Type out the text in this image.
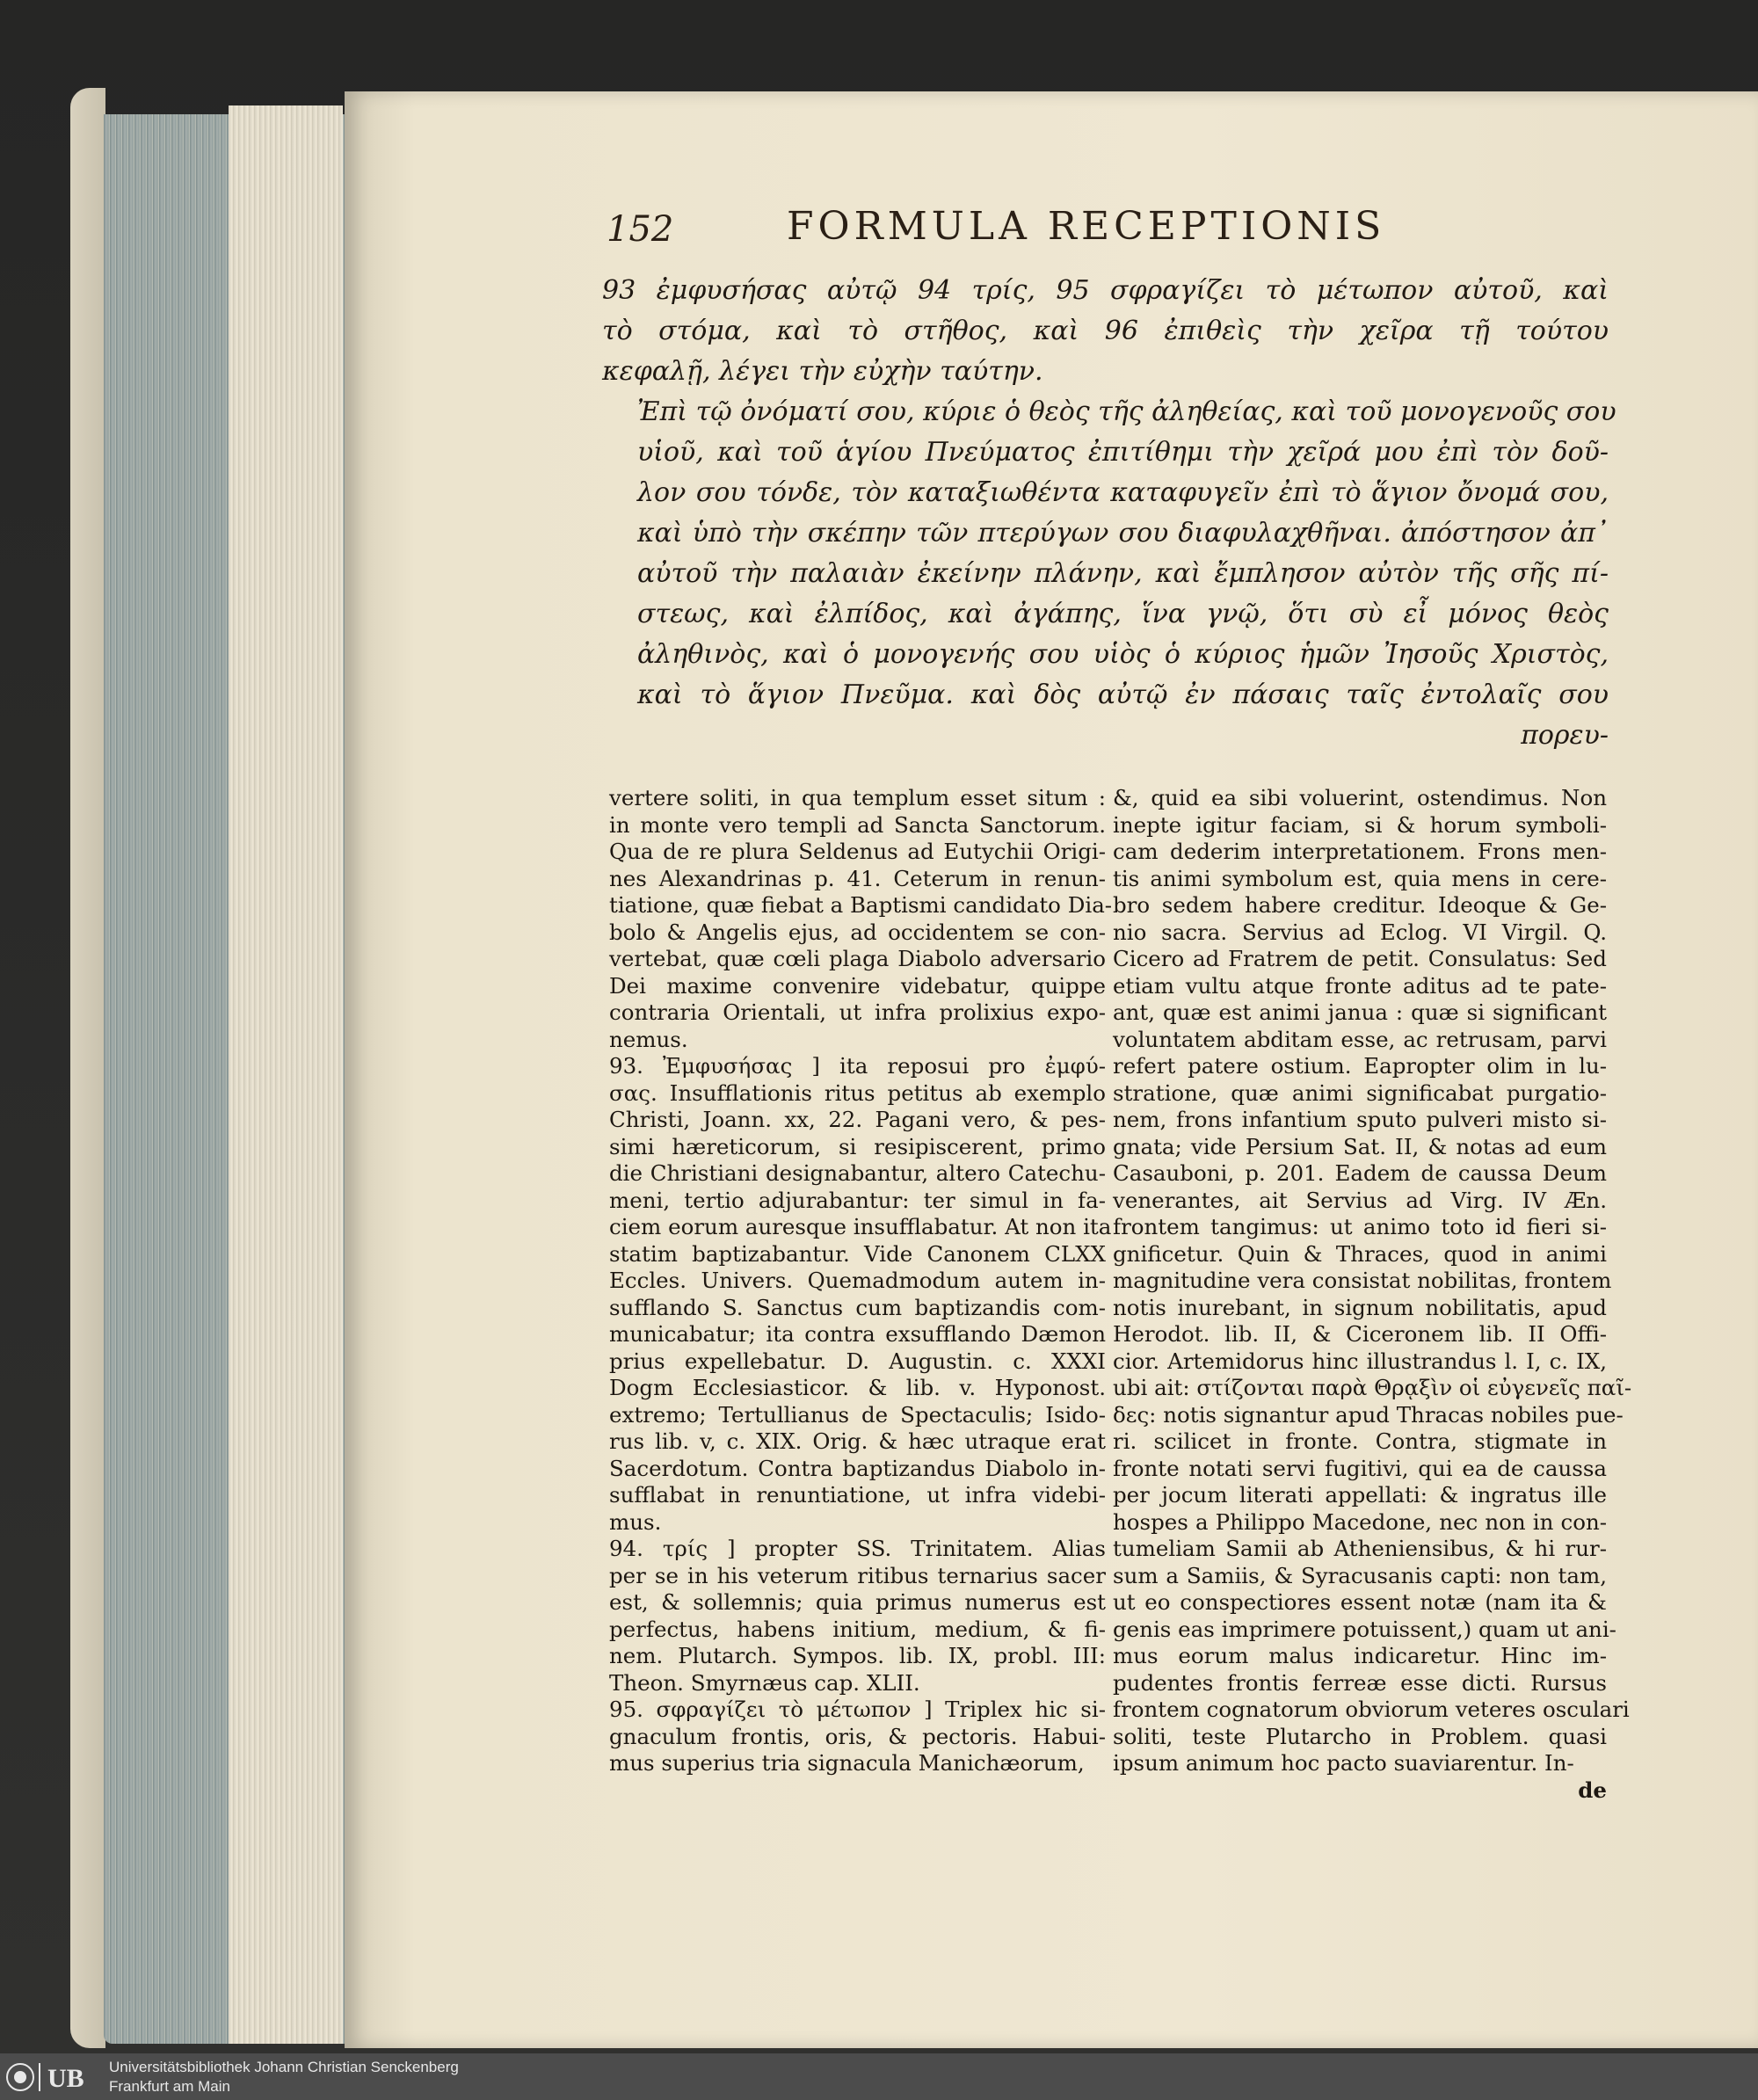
152	FORMULA RECEPTIONIS

93 ἐμφυσήσας αὐτῷ 94 τρίς, 95 σφραγίζει τὸ μέτωπον αὐτοῦ, καὶ

τὸ στόμα, καὶ τὸ στῆθος, καὶ 96 ἐπιθεὶς τὴν χεῖρα τῇ τούτου

κεφαλῇ, λέγει τὴν εὐχὴν ταύτην.

Ἐπὶ τῷ ὀνόματί σου, κύριε ὁ θεὸς τῆς ἀληθείας, καὶ τοῦ μονογενοῦς σου

υἱοῦ, καὶ τοῦ ἁγίου Πνεύματος ἐπιτίθημι τὴν χεῖρά μου ἐπὶ τὸν δοῦ-

λον σου τόνδε, τὸν καταξιωθέντα καταφυγεῖν ἐπὶ τὸ ἅγιον ὄνομά σου,

καὶ ὑπὸ τὴν σκέπην τῶν πτερύγων σου διαφυλαχθῆναι. ἀπόστησον ἀπ᾽

αὐτοῦ τὴν παλαιὰν ἐκείνην πλάνην, καὶ ἔμπλησον αὐτὸν τῆς σῆς πί-

στεως, καὶ ἐλπίδος, καὶ ἀγάπης, ἵνα γνῷ, ὅτι σὺ εἶ μόνος θεὸς

ἀληθινὸς, καὶ ὁ μονογενής σου υἱὸς ὁ κύριος ἡμῶν Ἰησοῦς Χριστὸς,

καὶ τὸ ἅγιον Πνεῦμα. καὶ δὸς αὐτῷ ἐν πάσαις ταῖς ἐντολαῖς σου

πορευ-

vertere soliti, in qua templum esset situm :

in monte vero templi ad Sancta Sanctorum.

Qua de re plura Seldenus ad Eutychii Origi-

nes Alexandrinas p. 41. Ceterum in renun-

tiatione, quæ fiebat a Baptismi candidato Dia-

bolo & Angelis ejus, ad occidentem se con-

vertebat, quæ cœli plaga Diabolo adversario

Dei maxime convenire videbatur, quippe

contraria Orientali, ut infra prolixius expo-

nemus.

93. Ἐμφυσήσας ] ita reposui pro ἐμφύ-

σας. Insufflationis ritus petitus ab exemplo

Christi, Joann. xx, 22. Pagani vero, & pes-

simi hæreticorum, si resipiscerent, primo

die Christiani designabantur, altero Catechu-

meni, tertio adjurabantur: ter simul in fa-

ciem eorum auresque insufflabatur. At non ita

statim baptizabantur. Vide Canonem CLXX

Eccles. Univers. Quemadmodum autem in-

sufflando S. Sanctus cum baptizandis com-

municabatur; ita contra exsufflando Dæmon

prius expellebatur. D. Augustin. c. XXXI

Dogm Ecclesiasticor. & lib. v. Hyponost.

extremo; Tertullianus de Spectaculis; Isido-

rus lib. v, c. XIX. Orig. & hæc utraque erat

Sacerdotum. Contra baptizandus Diabolo in-

sufflabat in renuntiatione, ut infra videbi-

mus.

94. τρίς ] propter SS. Trinitatem. Alias

per se in his veterum ritibus ternarius sacer

est, & sollemnis; quia primus numerus est

perfectus, habens initium, medium, & fi-

nem. Plutarch. Sympos. lib. IX, probl. III:

Theon. Smyrnæus cap. XLII.

95. σφραγίζει τὸ μέτωπον ] Triplex hic si-

gnaculum frontis, oris, & pectoris. Habui-

mus superius tria signacula Manichæorum,

&, quid ea sibi voluerint, ostendimus. Non

inepte igitur faciam, si & horum symboli-

cam dederim interpretationem. Frons men-

tis animi symbolum est, quia mens in cere-

bro sedem habere creditur. Ideoque & Ge-

nio sacra. Servius ad Eclog. VI Virgil. Q.

Cicero ad Fratrem de petit. Consulatus: Sed

etiam vultu atque fronte aditus ad te pate-

ant, quæ est animi janua : quæ si significant

voluntatem abditam esse, ac retrusam, parvi

refert patere ostium. Eapropter olim in lu-

stratione, quæ animi significabat purgatio-

nem, frons infantium sputo pulveri misto si-

gnata; vide Persium Sat. II, & notas ad eum

Casauboni, p. 201. Eadem de caussa Deum

venerantes, ait Servius ad Virg. IV Æn.

frontem tangimus: ut animo toto id fieri si-

gnificetur. Quin & Thraces, quod in animi

magnitudine vera consistat nobilitas, frontem

notis inurebant, in signum nobilitatis, apud

Herodot. lib. II, & Ciceronem lib. II Offi-

cior. Artemidorus hinc illustrandus l. I, c. IX,

ubi ait: στίζονται παρὰ Θρᾳξὶν οἱ εὐγενεῖς παῖ-

δες: notis signantur apud Thracas nobiles pue-

ri. scilicet in fronte. Contra, stigmate in

fronte notati servi fugitivi, qui ea de caussa

per jocum literati appellati: & ingratus ille

hospes a Philippo Macedone, nec non in con-

tumeliam Samii ab Atheniensibus, & hi rur-

sum a Samiis, & Syracusanis capti: non tam,

ut eo conspectiores essent notæ (nam ita &

genis eas imprimere potuissent,) quam ut ani-

mus eorum malus indicaretur. Hinc im-

pudentes frontis ferreæ esse dicti. Rursus

frontem cognatorum obviorum veteres osculari

soliti, teste Plutarcho in Problem. quasi

ipsum animum hoc pacto suaviarentur. In-

de

UB Universitätsbibliothek Johann Christian Senckenberg
Frankfurt am Main
